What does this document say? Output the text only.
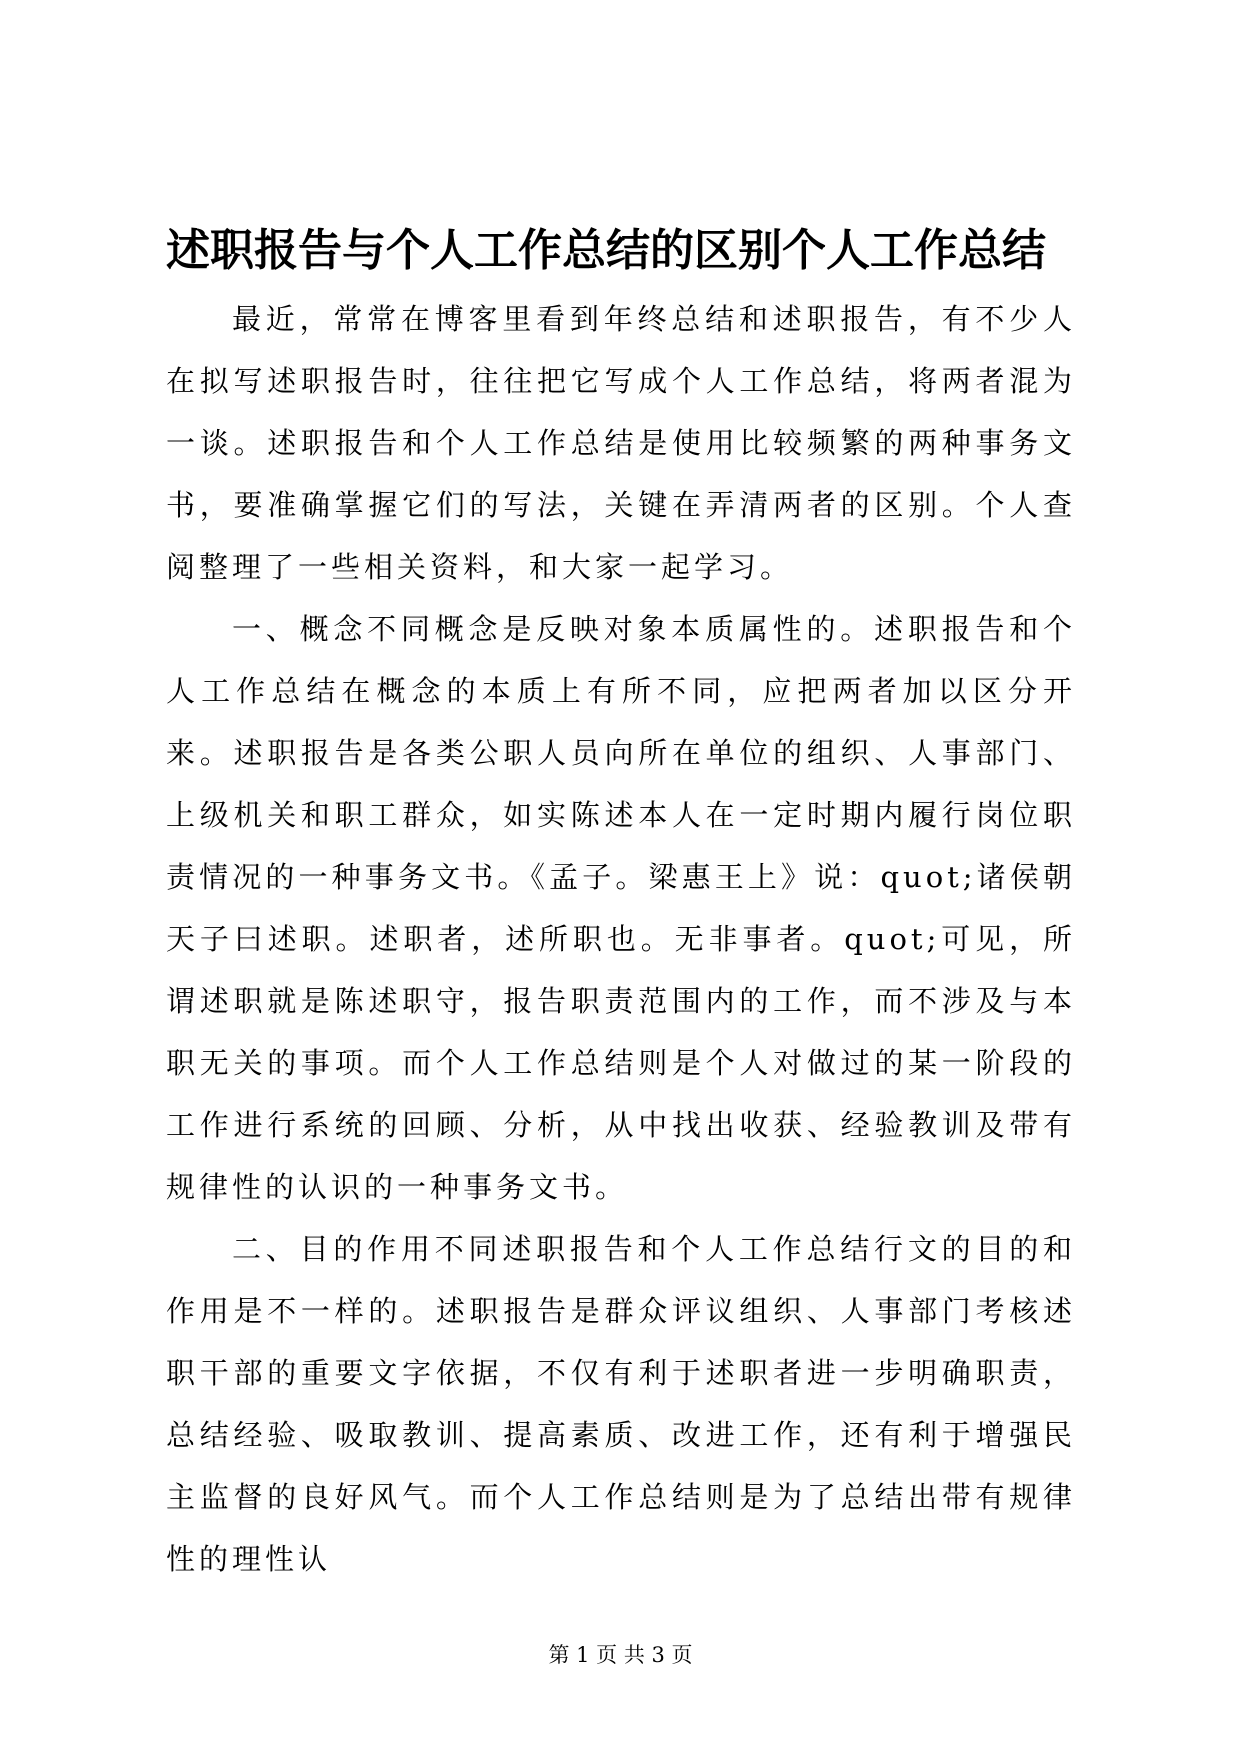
述职报告与个人工作总结的区别个人工作总结

最近，常常在博客里看到年终总结和述职报告，有不少人在拟写述职报告时，往往把它写成个人工作总结，将两者混为一谈。述职报告和个人工作总结是使用比较频繁的两种事务文书，要准确掌握它们的写法，关键在弄清两者的区别。个人查阅整理了一些相关资料，和大家一起学习。

一、概念不同概念是反映对象本质属性的。述职报告和个人工作总结在概念的本质上有所不同，应把两者加以区分开来。述职报告是各类公职人员向所在单位的组织、人事部门、上级机关和职工群众，如实陈述本人在一定时期内履行岗位职责情况的一种事务文书。《孟子。梁惠王上》说：quot;诸侯朝天子曰述职。述职者，述所职也。无非事者。quot;可见，所谓述职就是陈述职守，报告职责范围内的工作，而不涉及与本职无关的事项。而个人工作总结则是个人对做过的某一阶段的工作进行系统的回顾、分析，从中找出收获、经验教训及带有规律性的认识的一种事务文书。

二、目的作用不同述职报告和个人工作总结行文的目的和作用是不一样的。述职报告是群众评议组织、人事部门考核述职干部的重要文字依据，不仅有利于述职者进一步明确职责，总结经验、吸取教训、提高素质、改进工作，还有利于增强民主监督的良好风气。而个人工作总结则是为了总结出带有规律性的理性认

第 1 页 共 3 页
